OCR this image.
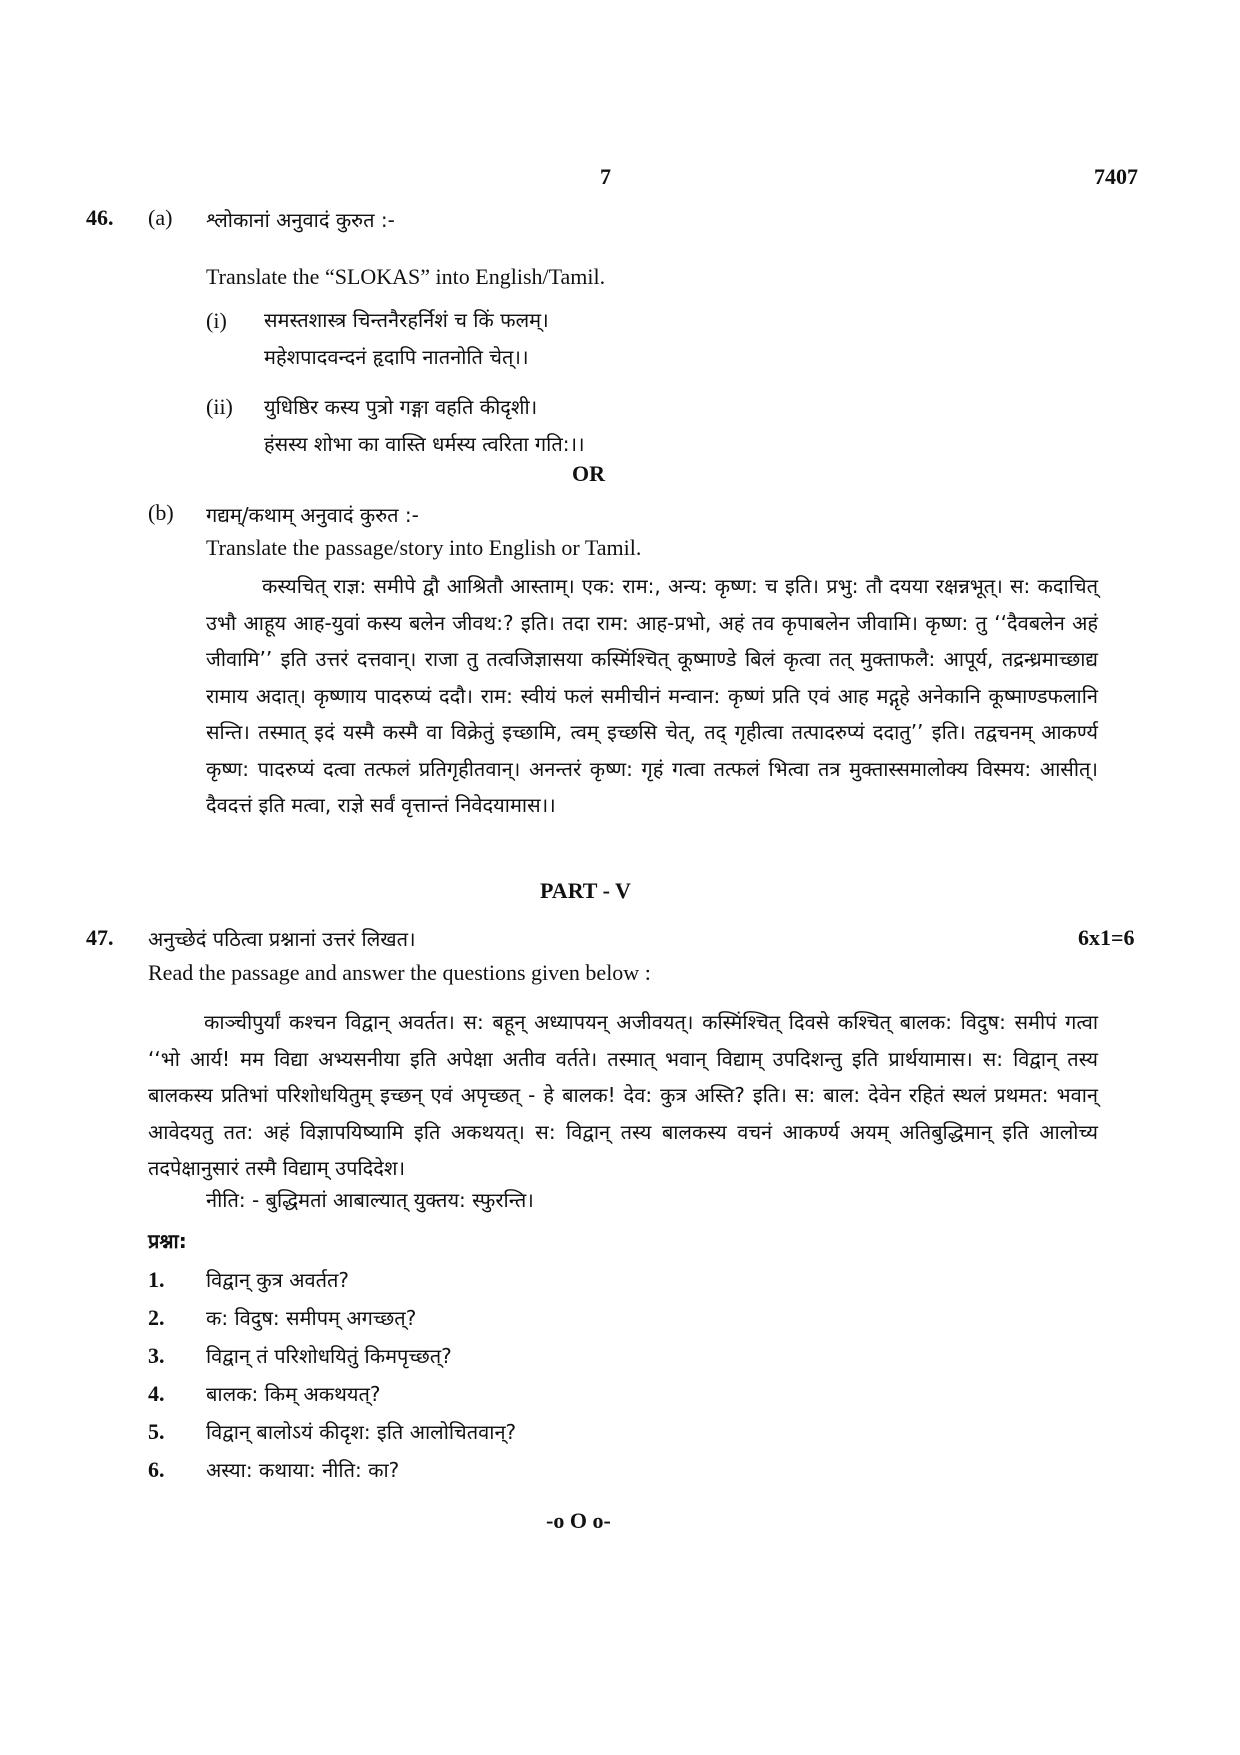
7	7407
46. (a) श्लोकानां अनुवादं कुरुत :-
Translate the “SLOKAS” into English/Tamil.
(i) समस्तशास्त्र चिन्तनैरहर्निशं च किं फलम्।
महेशपादवन्दनं हृदापि नातनोति चेत्।।
(ii) युधिष्ठिर कस्य पुत्रो गङ्गा वहति कीदृशी।
हंसस्य शोभा का वास्ति धर्मस्य त्वरिता गति:।।
OR
(b) गद्यम्/कथाम् अनुवादं कुरुत :-
Translate the passage/story into English or Tamil.
कस्यचित् राज्ञ: समीपे द्वौ आश्रितौ आस्ताम्। एक: राम:, अन्य: कृष्ण: च इति। प्रभु: तौ दयया रक्षन्नभूत्। स: कदाचित् उभौ आहूय आह-युवां कस्य बलेन जीवथ:? इति। तदा राम: आह-प्रभो, अहं तव कृपाबलेन जीवामि। कृष्ण: तु ‘‘दैवबलेन अहं जीवामि’’ इति उत्तरं दत्तवान्। राजा तु तत्वजिज्ञासया कस्मिंश्चित् कूष्माण्डे बिलं कृत्वा तत् मुक्ताफलै: आपूर्य, तद्रन्ध्रमाच्छाद्य रामाय अदात्। कृष्णाय पादरुप्यं ददौ। राम: स्वीयं फलं समीचीनं मन्वान: कृष्णं प्रति एवं आह मद्गृहे अनेकानि कूष्माण्डफलानि सन्ति। तस्मात् इदं यस्मै कस्मै वा विक्रेतुं इच्छामि, त्वम् इच्छसि चेत्, तद् गृहीत्वा तत्पादरुप्यं ददातु’’ इति। तद्वचनम् आकर्ण्य कृष्ण: पादरुप्यं दत्वा तत्फलं प्रतिगृहीतवान्। अनन्तरं कृष्ण: गृहं गत्वा तत्फलं भित्वा तत्र मुक्तास्समालोक्य विस्मय: आसीत्। दैवदत्तं इति मत्वा, राज्ञे सर्वं वृत्तान्तं निवेदयामास।।
PART - V
47. अनुच्छेदं पठित्वा प्रश्नानां उत्तरं लिखत।	6x1=6
Read the passage and answer the questions given below :
काञ्चीपुर्यां कश्चन विद्वान् अवर्तत। स: बहून् अध्यापयन् अजीवयत्। कस्मिंश्चित् दिवसे कश्चित् बालक: विदुष: समीपं गत्वा ‘‘भो आर्य! मम विद्या अभ्यसनीया इति अपेक्षा अतीव वर्तते। तस्मात् भवान् विद्याम् उपदिशन्तु इति प्रार्थयामास। स: विद्वान् तस्य बालकस्य प्रतिभां परिशोधयितुम् इच्छन् एवं अपृच्छत् - हे बालक! देव: कुत्र अस्ति? इति। स: बाल: देवेन रहितं स्थलं प्रथमत: भवान् आवेदयतु तत: अहं विज्ञापयिष्यामि इति अकथयत्। स: विद्वान् तस्य बालकस्य वचनं आकर्ण्य अयम् अतिबुद्धिमान् इति आलोच्य तदपेक्षानुसारं तस्मै विद्याम् उपदिदेश।
नीति: - बुद्धिमतां आबाल्यात् युक्तय: स्फुरन्ति।
प्रश्ना:
1. विद्वान् कुत्र अवर्तत?
2. क: विदुष: समीपम् अगच्छत्?
3. विद्वान् तं परिशोधयितुं किमपृच्छत्?
4. बालक: किम् अकथयत्?
5. विद्वान् बालोऽयं कीदृश: इति आलोचितवान्?
6. अस्या: कथाया: नीति: का?
-o O o-
